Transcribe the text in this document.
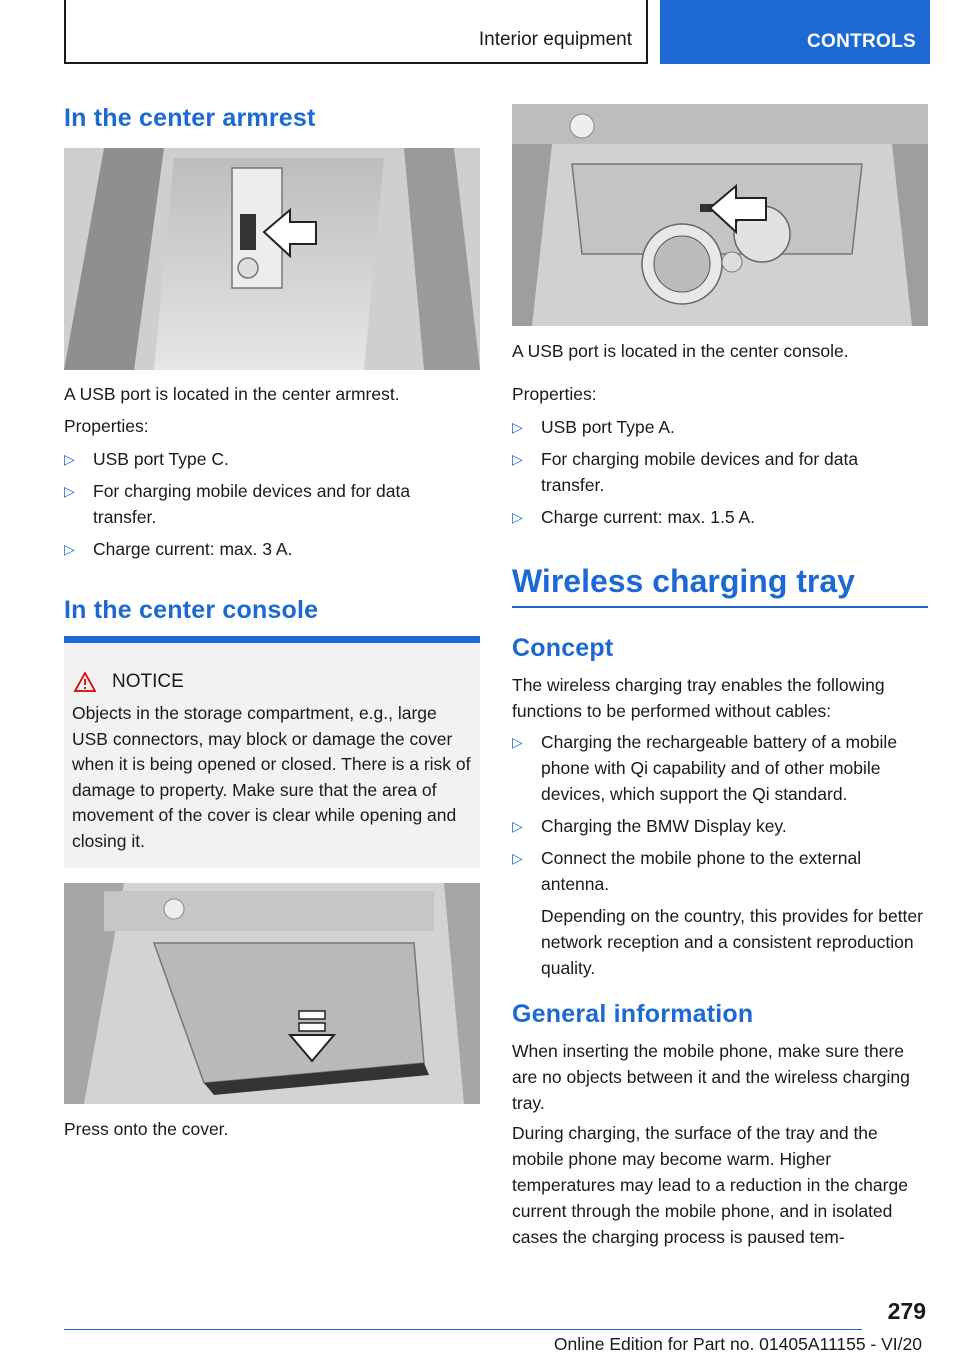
Interior equipment	CONTROLS
In the center armrest

A USB port is located in the center armrest.

Properties:

▷ USB port Type C.
▷ For charging mobile devices and for data transfer.
▷ Charge current: max. 3 A.
In the center console
NOTICE

Objects in the storage compartment, e.g., large USB connectors, may block or damage the cover when it is being opened or closed. There is a risk of damage to property. Make sure that the area of movement of the cover is clear while opening and closing it.

Press onto the cover.

A USB port is located in the center console.

Properties:

▷ USB port Type A.
▷ For charging mobile devices and for data transfer.
▷ Charge current: max. 1.5 A.
Wireless charging tray
Concept

The wireless charging tray enables the following functions to be performed without cables:

▷ Charging the rechargeable battery of a mobile phone with Qi capability and of other mobile devices, which support the Qi standard.
▷ Charging the BMW Display key.
▷ Connect the mobile phone to the external antenna.
Depending on the country, this provides for better network reception and a consistent reproduction quality.
General information

When inserting the mobile phone, make sure there are no objects between it and the wireless charging tray.

During charging, the surface of the tray and the mobile phone may become warm. Higher temperatures may lead to a reduction in the charge current through the mobile phone, and in isolated cases the charging process is paused tem-

279
Online Edition for Part no. 01405A11155 - VI/20
